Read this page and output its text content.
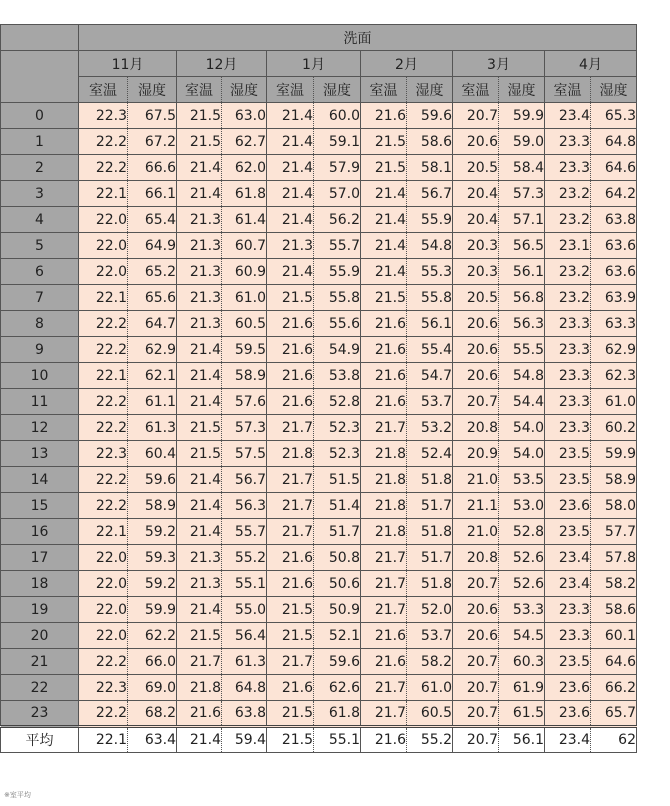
	洗面											
	11月		12月		1月		2月		3月		4月	
	室温	湿度	室温	湿度	室温	湿度	室温	湿度	室温	湿度	室温	湿度
0	22.3	67.5	21.5	63.0	21.4	60.0	21.6	59.6	20.7	59.9	23.4	65.3
1	22.2	67.2	21.5	62.7	21.4	59.1	21.5	58.6	20.6	59.0	23.3	64.8
2	22.2	66.6	21.4	62.0	21.4	57.9	21.5	58.1	20.5	58.4	23.3	64.6
3	22.1	66.1	21.4	61.8	21.4	57.0	21.4	56.7	20.4	57.3	23.2	64.2
4	22.0	65.4	21.3	61.4	21.4	56.2	21.4	55.9	20.4	57.1	23.2	63.8
5	22.0	64.9	21.3	60.7	21.3	55.7	21.4	54.8	20.3	56.5	23.1	63.6
6	22.0	65.2	21.3	60.9	21.4	55.9	21.4	55.3	20.3	56.1	23.2	63.6
7	22.1	65.6	21.3	61.0	21.5	55.8	21.5	55.8	20.5	56.8	23.2	63.9
8	22.2	64.7	21.3	60.5	21.6	55.6	21.6	56.1	20.6	56.3	23.3	63.3
9	22.2	62.9	21.4	59.5	21.6	54.9	21.6	55.4	20.6	55.5	23.3	62.9
10	22.1	62.1	21.4	58.9	21.6	53.8	21.6	54.7	20.6	54.8	23.3	62.3
11	22.2	61.1	21.4	57.6	21.6	52.8	21.6	53.7	20.7	54.4	23.3	61.0
12	22.2	61.3	21.5	57.3	21.7	52.3	21.7	53.2	20.8	54.0	23.3	60.2
13	22.3	60.4	21.5	57.5	21.8	52.3	21.8	52.4	20.9	54.0	23.5	59.9
14	22.2	59.6	21.4	56.7	21.7	51.5	21.8	51.8	21.0	53.5	23.5	58.9
15	22.2	58.9	21.4	56.3	21.7	51.4	21.8	51.7	21.1	53.0	23.6	58.0
16	22.1	59.2	21.4	55.7	21.7	51.7	21.8	51.8	21.0	52.8	23.5	57.7
17	22.0	59.3	21.3	55.2	21.6	50.8	21.7	51.7	20.8	52.6	23.4	57.8
18	22.0	59.2	21.3	55.1	21.6	50.6	21.7	51.8	20.7	52.6	23.4	58.2
19	22.0	59.9	21.4	55.0	21.5	50.9	21.7	52.0	20.6	53.3	23.3	58.6
20	22.0	62.2	21.5	56.4	21.5	52.1	21.6	53.7	20.6	54.5	23.3	60.1
21	22.2	66.0	21.7	61.3	21.7	59.6	21.6	58.2	20.7	60.3	23.5	64.6
22	22.3	69.0	21.8	64.8	21.6	62.6	21.7	61.0	20.7	61.9	23.6	66.2
23	22.2	68.2	21.6	63.8	21.5	61.8	21.7	60.5	20.7	61.5	23.6	65.7
平均	22.1	63.4	21.4	59.4	21.5	55.1	21.6	55.2	20.7	56.1	23.4	62
※室平均
